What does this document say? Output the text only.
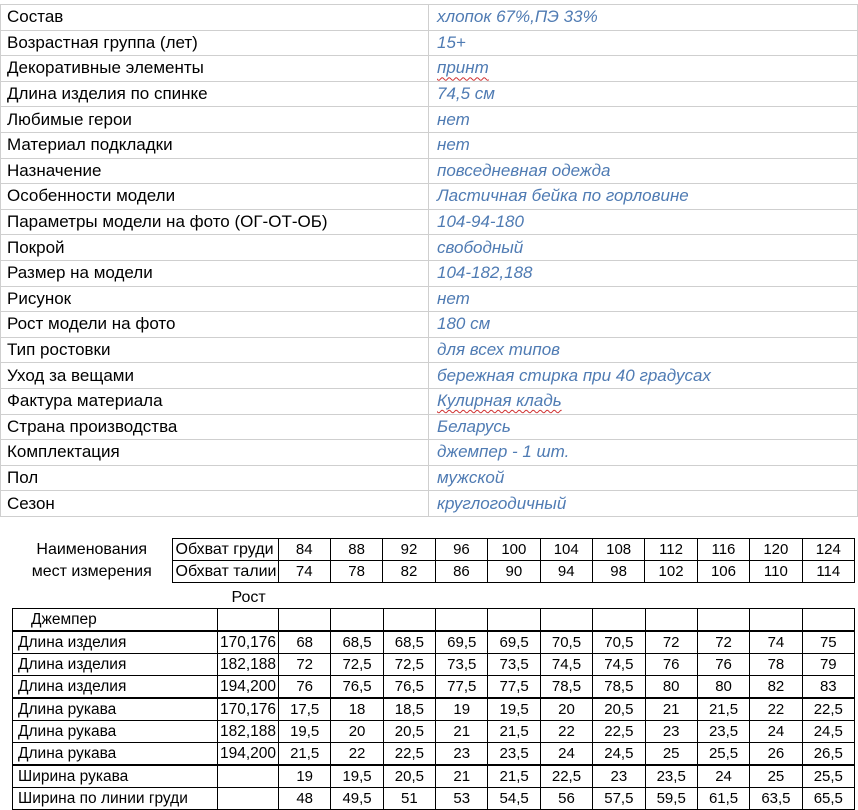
Состав	хлопок 67%,ПЭ 33%
Возрастная группа (лет)	15+
Декоративные элементы	принт
Длина изделия по спинке	74,5 см
Любимые герои	нет
Материал подкладки	нет
Назначение	повседневная одежда
Особенности модели	Ластичная бейка по горловине
Параметры модели на фото (ОГ-ОТ-ОБ)	104-94-180
Покрой	свободный
Размер на модели	104-182,188
Рисунок	нет
Рост модели на фото	180 см
Тип ростовки	для всех типов
Уход за вещами	бережная стирка при 40 градусах
Фактура материала	Кулирная кладь
Страна производства	Беларусь
Комплектация	джемпер - 1 шт.
Пол	мужской
Сезон	круглогодичный
Наименования
мест измерения	Обхват груди	84	88	92	96	100	104	108	112	116	120	124
	Обхват талии	74	78	82	86	90	94	98	102	106	110	114
	Рост											
Джемпер												
Длина изделия	170,176	68	68,5	68,5	69,5	69,5	70,5	70,5	72	72	74	75
Длина изделия	182,188	72	72,5	72,5	73,5	73,5	74,5	74,5	76	76	78	79
Длина изделия	194,200	76	76,5	76,5	77,5	77,5	78,5	78,5	80	80	82	83
Длина рукава	170,176	17,5	18	18,5	19	19,5	20	20,5	21	21,5	22	22,5
Длина рукава	182,188	19,5	20	20,5	21	21,5	22	22,5	23	23,5	24	24,5
Длина рукава	194,200	21,5	22	22,5	23	23,5	24	24,5	25	25,5	26	26,5
Ширина рукава		19	19,5	20,5	21	21,5	22,5	23	23,5	24	25	25,5
Ширина по линии груди		48	49,5	51	53	54,5	56	57,5	59,5	61,5	63,5	65,5
